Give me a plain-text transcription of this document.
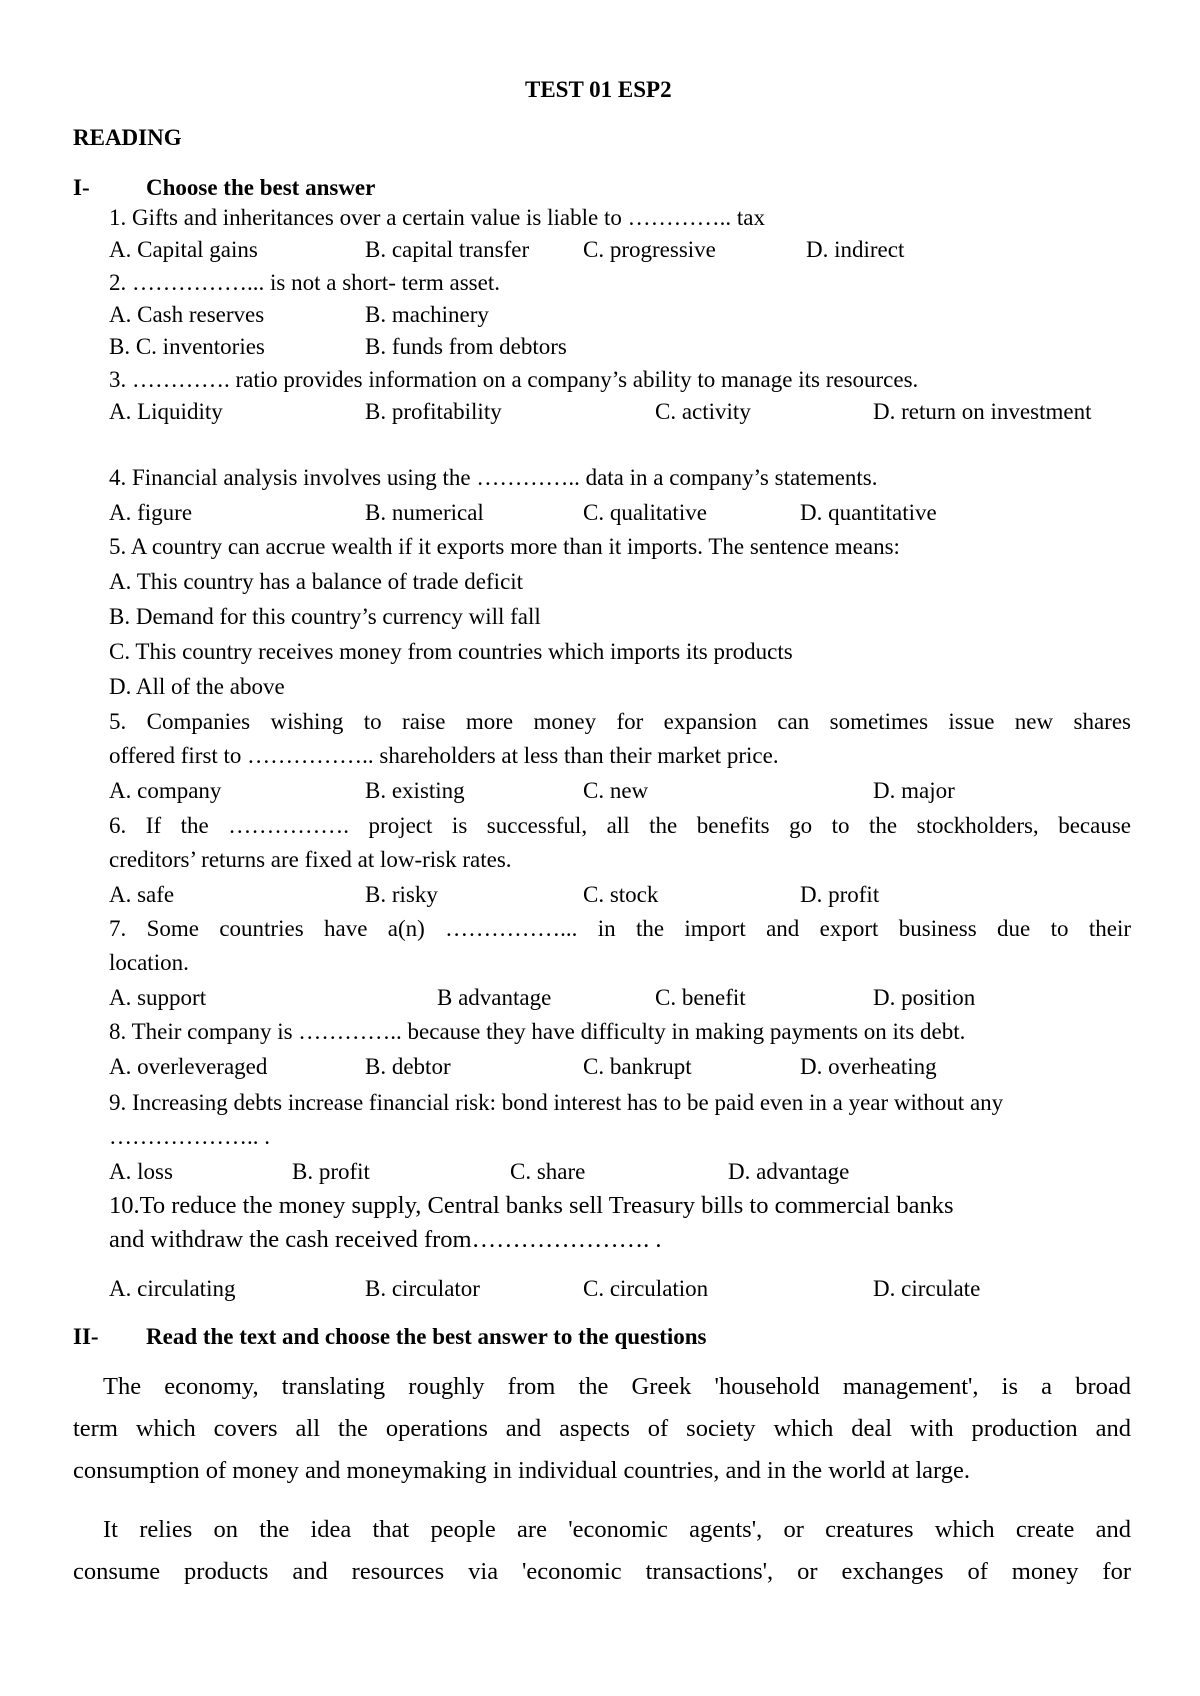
TEST 01 ESP2

READING

I- Choose the best answer

1. Gifts and inheritances over a certain value is liable to ………….. tax

A. Capital gains	B. capital transfer C. progressive	D. indirect

2. ……………... is not a short- term asset.

A. Cash reserves	B. machinery

B. C. inventories	B. funds from debtors

3. …………. ratio provides information on a company’s ability to manage its resources.

A. Liquidity	B. profitability	C. activity	D. return on investment

4. Financial analysis involves using the ………….. data in a company’s statements.

A. figure	B. numerical	C. qualitative	D. quantitative

5. A country can accrue wealth if it exports more than it imports. The sentence means:

A. This country has a balance of trade deficit

B. Demand for this country’s currency will fall

C. This country receives money from countries which imports its products

D. All of the above

5. Companies wishing to raise more money for expansion can sometimes issue new shares

offered first to …………….. shareholders at less than their market price.

A. company	B. existing	C. new	D. major

6. If the ……………. project is successful, all the benefits go to the stockholders, because

creditors’ returns are fixed at low-risk rates.

A. safe	B. risky	C. stock	D. profit

7. Some countries have a(n) ……………... in the import and export business due to their

location.

A. support	B advantage	C. benefit	D. position

8. Their company is ………….. because they have difficulty in making payments on its debt.

A. overleveraged	B. debtor	C. bankrupt	D. overheating

9. Increasing debts increase financial risk: bond interest has to be paid even in a year without any

……………….. .

A. loss	B. profit	C. share	D. advantage

10.To reduce the money supply, Central banks sell Treasury bills to commercial banks

and withdraw the cash received from…………………. .

A. circulating	B. circulator	C. circulation	D. circulate

II- Read the text and choose the best answer to the questions

The economy, translating roughly from the Greek 'household management', is a broad

term which covers all the operations and aspects of society which deal with production and

consumption of money and moneymaking in individual countries, and in the world at large.

It relies on the idea that people are 'economic agents', or creatures which create and

consume products and resources via 'economic transactions', or exchanges of money for
